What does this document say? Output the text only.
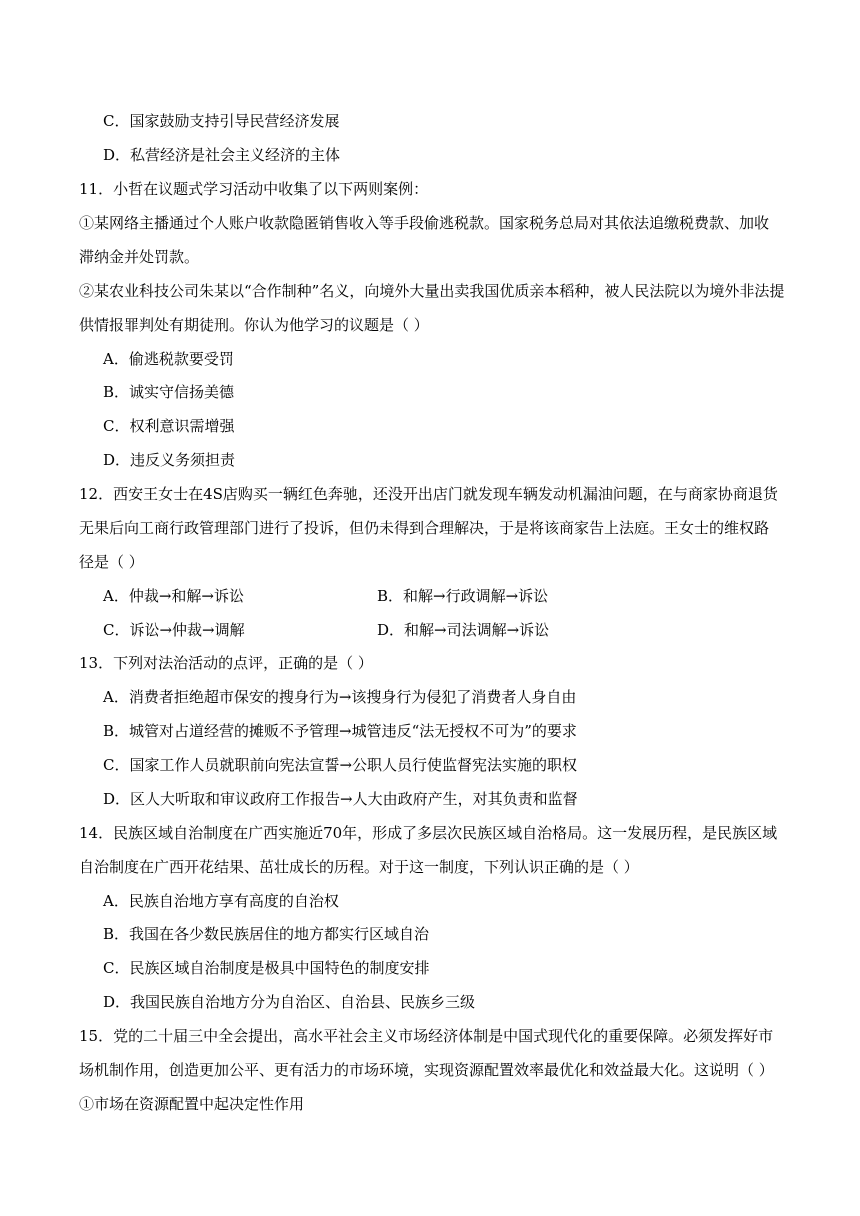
C．国家鼓励支持引导民营经济发展
D．私营经济是社会主义经济的主体
11．小哲在议题式学习活动中收集了以下两则案例：
①某网络主播通过个人账户收款隐匿销售收入等手段偷逃税款。国家税务总局对其依法追缴税费款、加收
滞纳金并处罚款。
②某农业科技公司朱某以“合作制种”名义，向境外大量出卖我国优质亲本稻种，被人民法院以为境外非法提
供情报罪判处有期徒刑。你认为他学习的议题是（ ）
A．偷逃税款要受罚
B．诚实守信扬美德
C．权利意识需增强
D．违反义务须担责
12．西安王女士在4S店购买一辆红色奔驰，还没开出店门就发现车辆发动机漏油问题，在与商家协商退货
无果后向工商行政管理部门进行了投诉，但仍未得到合理解决，于是将该商家告上法庭。王女士的维权路
径是（ ）
A．仲裁→和解→诉讼	B．和解→行政调解→诉讼
C．诉讼→仲裁→调解	D．和解→司法调解→诉讼
13．下列对法治活动的点评，正确的是（ ）
A．消费者拒绝超市保安的搜身行为→该搜身行为侵犯了消费者人身自由
B．城管对占道经营的摊贩不予管理→城管违反“法无授权不可为”的要求
C．国家工作人员就职前向宪法宣誓→公职人员行使监督宪法实施的职权
D．区人大听取和审议政府工作报告→人大由政府产生，对其负责和监督
14．民族区域自治制度在广西实施近70年，形成了多层次民族区域自治格局。这一发展历程，是民族区域
自治制度在广西开花结果、茁壮成长的历程。对于这一制度，下列认识正确的是（ ）
A．民族自治地方享有高度的自治权
B．我国在各少数民族居住的地方都实行区域自治
C．民族区域自治制度是极具中国特色的制度安排
D．我国民族自治地方分为自治区、自治县、民族乡三级
15．党的二十届三中全会提出，高水平社会主义市场经济体制是中国式现代化的重要保障。必须发挥好市
场机制作用，创造更加公平、更有活力的市场环境，实现资源配置效率最优化和效益最大化。这说明（ ）
①市场在资源配置中起决定性作用
